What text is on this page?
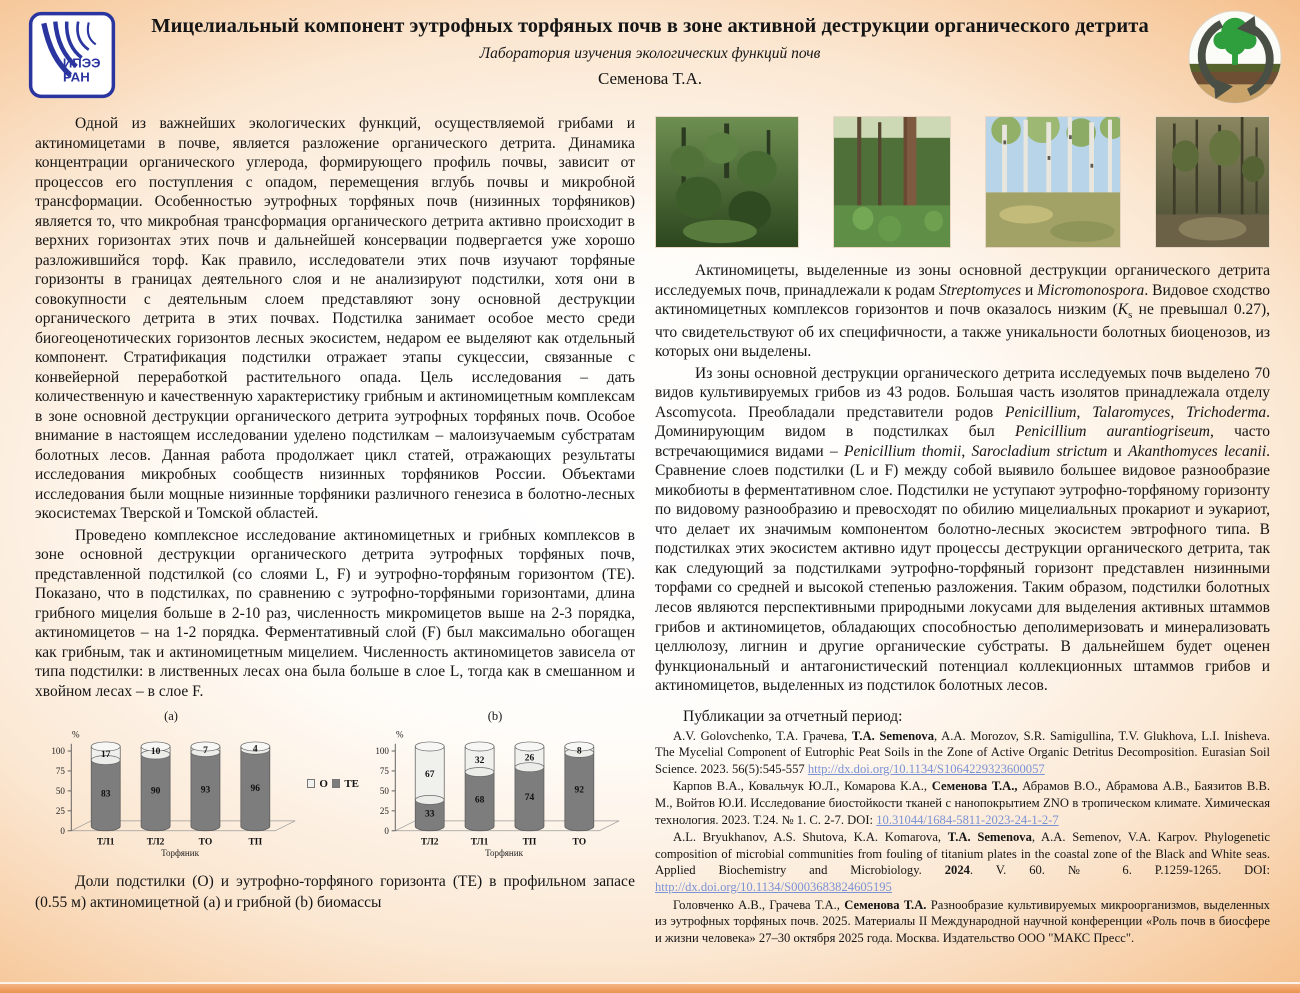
ИПЭЭ
РАН
Мицелиальный компонент эутрофных торфяных почв в зоне активной деструкции органического детрита
Лаборатория изучения экологических функций почв
Семенова Т.А.

Одной из важнейших экологических функций, осуществляемой грибами и актиномицетами в почве, является разложение органического детрита. Динамика концентрации органического углерода, формирующего профиль почвы, зависит от процессов его поступления с опадом, перемещения вглубь почвы и микробной трансформации. Особенностью эутрофных торфяных почв (низинных торфяников) является то, что микробная трансформация органического детрита активно происходит в верхних горизонтах этих почв и дальнейшей консервации подвергается уже хорошо разложившийся торф. Как правило, исследователи этих почв изучают торфяные горизонты в границах деятельного слоя и не анализируют подстилки, хотя они в совокупности с деятельным слоем представляют зону основной деструкции органического детрита в этих почвах. Подстилка занимает особое место среди биогеоценотических горизонтов лесных экосистем, недаром ее выделяют как отдельный компонент. Стратификация подстилки отражает этапы сукцессии, связанные с конвейерной переработкой растительного опада. Цель исследования – дать количественную и качественную характеристику грибным и актиномицетным комплексам в зоне основной деструкции органического детрита эутрофных торфяных почв. Особое внимание в настоящем исследовании уделено подстилкам – малоизучаемым субстратам болотных лесов. Данная работа продолжает цикл статей, отражающих результаты исследования микробных сообществ низинных торфяников России. Объектами исследования были мощные низинные торфяники различного генезиса в болотно-лесных экосистемах Тверской и Томской областей.

Проведено комплексное исследование актиномицетных и грибных комплексов в зоне основной деструкции органического детрита эутрофных торфяных почв, представленной подстилкой (со слоями L, F) и эутрофно-торфяным горизонтом (ТЕ). Показано, что в подстилках, по сравнению с эутрофно-торфяными горизонтами, длина грибного мицелия больше в 2-10 раз, численность микромицетов выше на 2-3 порядка, актиномицетов – на 1-2 порядка. Ферментативный слой (F) был максимально обогащен как грибным, так и актиномицетным мицелием. Численность актиномицетов зависела от типа подстилки: в лиственных лесах она была больше в слое L, тогда как в смешанном и хвойном лесах – в слое F.

(a)
0
25
50
75
100
%
83
17
ТЛ1
90
10
ТЛ2
93
7
ТО
96
4
ТП
Торфяник
О ТЕ
(b)
0
25
50
75
100
%
33
67
ТЛ2
68
32
ТЛ1
74
26
ТП
92
8
ТО
Торфяник
Доли подстилки (О) и эутрофно-торфяного горизонта (ТЕ) в профильном запасе (0.55 м) актиномицетной (a) и грибной (b) биомассы

Актиномицеты, выделенные из зоны основной деструкции органического детрита исследуемых почв, принадлежали к родам Streptomyces и Micromonospora. Видовое сходство актиномицетных комплексов горизонтов и почв оказалось низким ($K_s$ не превышал 0.27), что свидетельствуют об их специфичности, а также уникальности болотных биоценозов, из которых они выделены.

Из зоны основной деструкции органического детрита исследуемых почв выделено 70 видов культивируемых грибов из 43 родов. Большая часть изолятов принадлежала отделу Ascomycota. Преобладали представители родов Penicillium, Talaromyces, Trichoderma. Доминирующим видом в подстилках был Penicillium aurantiogriseum, часто встречающимися видами – Penicillium thomii, Sarocladium strictum и Akanthomyces lecanii. Сравнение слоев подстилки (L и F) между собой выявило большее видовое разнообразие микобиоты в ферментативном слое. Подстилки не уступают эутрофно-торфяному горизонту по видовому разнообразию и превосходят по обилию мицелиальных прокариот и эукариот, что делает их значимым компонентом болотно-лесных экосистем эвтрофного типа. В подстилках этих экосистем активно идут процессы деструкции органического детрита, так как следующий за подстилками эутрофно-торфяный горизонт представлен низинными торфами со средней и высокой степенью разложения. Таким образом, подстилки болотных лесов являются перспективными природными локусами для выделения активных штаммов грибов и актиномицетов, обладающих способностью деполимеризовать и минерализовать целлюлозу, лигнин и другие органические субстраты. В дальнейшем будет оценен функциональный и антагонистический потенциал коллекционных штаммов грибов и актиномицетов, выделенных из подстилок болотных лесов.

Публикации за отчетный период:

A.V. Golovchenko, Т.А. Грачева, T.A. Semenova, A.A. Morozov, S.R. Samigullina, T.V. Glukhova, L.I. Inisheva. The Mycelial Component of Eutrophic Peat Soils in the Zone of Active Organic Detritus Decomposition. Eurasian Soil Science. 2023. 56(5):545-557 http://dx.doi.org/10.1134/S1064229323600057

Карпов В.А., Ковальчук Ю.Л., Комарова К.А., Семенова Т.А., Абрамов В.О., Абрамова А.В., Баязитов В.В. М., Войтов Ю.И. Исследование биостойкости тканей с нанопокрытием ZNO в тропическом климате. Химическая технология. 2023. Т.24. № 1. С. 2-7. DOI: 10.31044/1684-5811-2023-24-1-2-7

A.L. Bryukhanov, A.S. Shutova, K.A. Komarova, T.A. Semenova, A.A. Semenov, V.A. Karpov. Phylogenetic composition of microbial communities from fouling of titanium plates in the coastal zone of the Black and White seas. Applied Biochemistry and Microbiology. 2024. V. 60. № 6. P.1259-1265. DOI: http://dx.doi.org/10.1134/S0003683824605195

Головченко А.В., Грачева Т.А., Семенова Т.А. Разнообразие культивируемых микроорганизмов, выделенных из эутрофных торфяных почв. 2025. Материалы II Международной научной конференции «Роль почв в биосфере и жизни человека» 27–30 октября 2025 года. Москва. Издательство ООО "МАКС Пресс".
